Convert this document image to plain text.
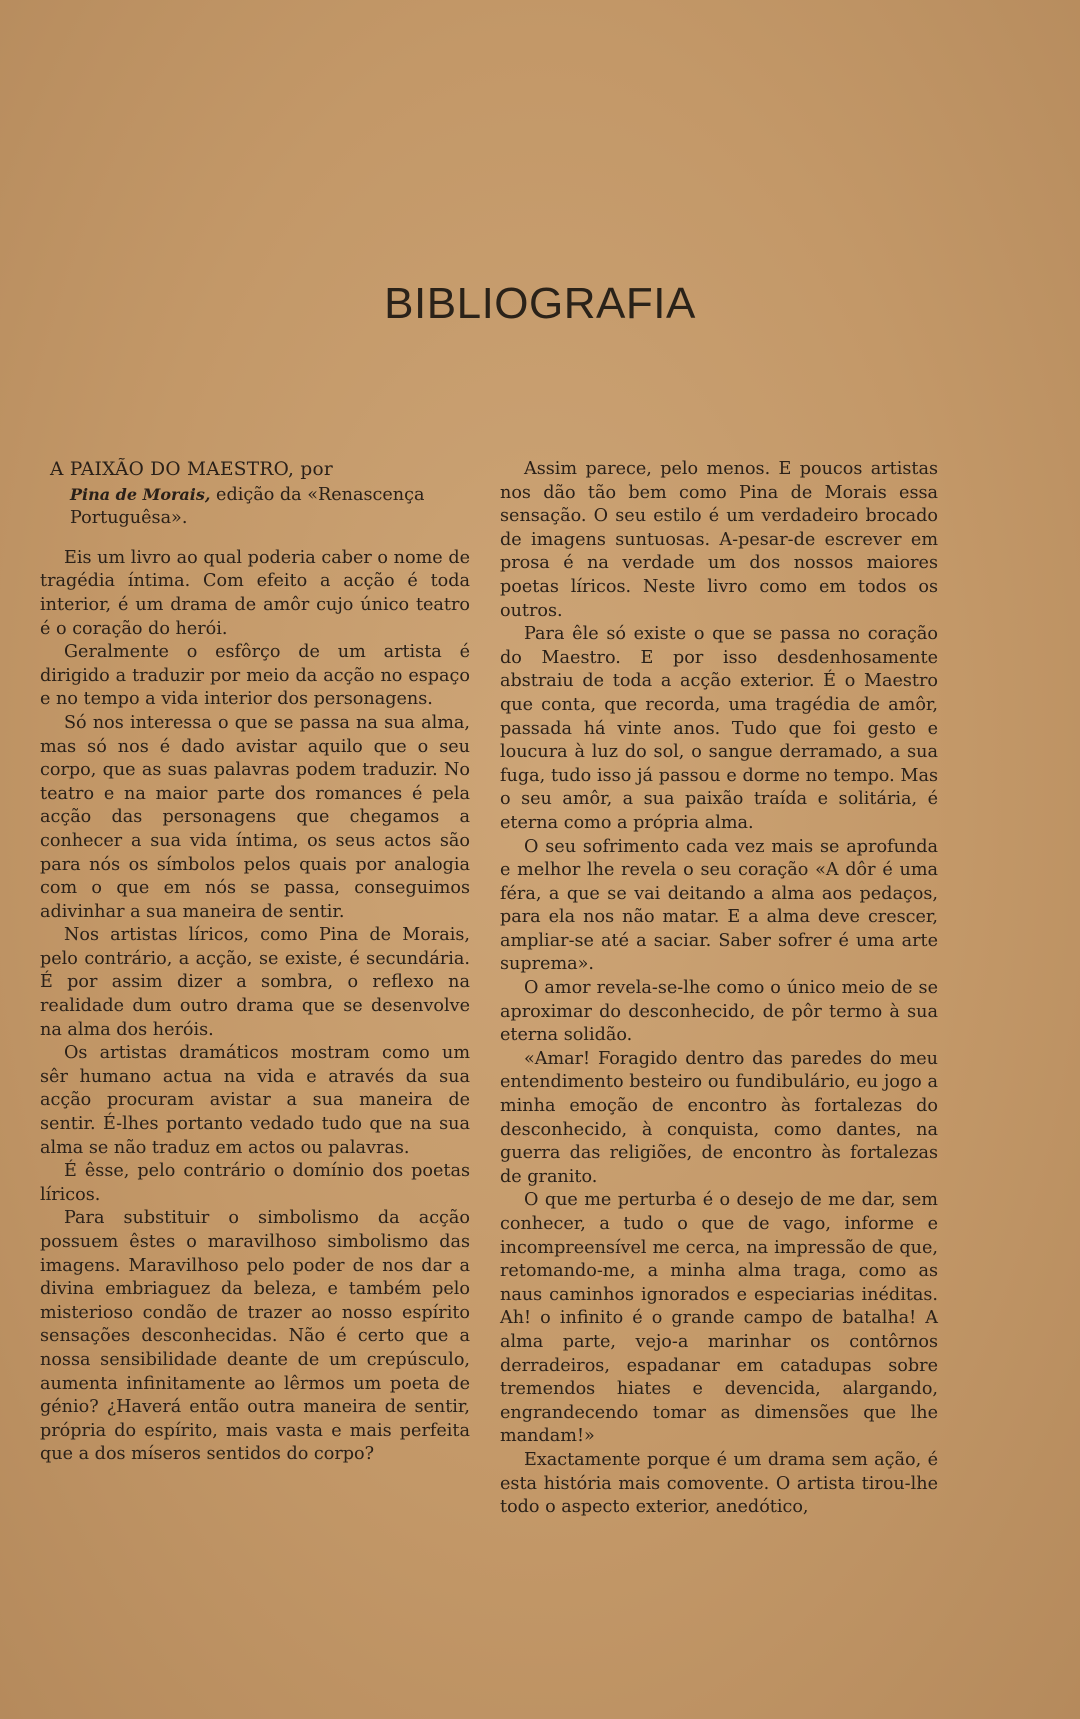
BIBLIOGRAFIA

A PAIXÃO DO MAESTRO, por
Pina de Morais, edição da «Renascença Portuguêsa».

Eis um livro ao qual poderia caber o nome de tragédia íntima. Com efeito a acção é toda interior, é um drama de amôr cujo único teatro é o coração do herói.

Geralmente o esfôrço de um artista é dirigido a traduzir por meio da acção no espaço e no tempo a vida interior dos personagens.

Só nos interessa o que se passa na sua alma, mas só nos é dado avistar aquilo que o seu corpo, que as suas palavras podem traduzir. No teatro e na maior parte dos romances é pela acção das personagens que chegamos a conhecer a sua vida íntima, os seus actos são para nós os símbolos pelos quais por analogia com o que em nós se passa, conseguimos adivinhar a sua maneira de sentir.

Nos artistas líricos, como Pina de Morais, pelo contrário, a acção, se existe, é secundária. É por assim dizer a sombra, o reflexo na realidade dum outro drama que se desenvolve na alma dos heróis.

Os artistas dramáticos mostram como um sêr humano actua na vida e através da sua acção procuram avistar a sua maneira de sentir. É-lhes portanto vedado tudo que na sua alma se não traduz em actos ou palavras.

É êsse, pelo contrário o domínio dos poetas líricos.

Para substituir o simbolismo da acção possuem êstes o maravilhoso simbolismo das imagens. Maravilhoso pelo poder de nos dar a divina embriaguez da beleza, e também pelo misterioso condão de trazer ao nosso espírito sensações desconhecidas. Não é certo que a nossa sensibilidade deante de um crepúsculo, aumenta infinitamente ao lêrmos um poeta de génio? ¿Haverá então outra maneira de sentir, própria do espírito, mais vasta e mais perfeita que a dos míseros sentidos do corpo?

Assim parece, pelo menos. E poucos artistas nos dão tão bem como Pina de Morais essa sensação. O seu estilo é um verdadeiro brocado de imagens suntuosas. A-pesar-de escrever em prosa é na verdade um dos nossos maiores poetas líricos. Neste livro como em todos os outros.

Para êle só existe o que se passa no coração do Maestro. E por isso desdenhosamente abstraiu de toda a acção exterior. É o Maestro que conta, que recorda, uma tragédia de amôr, passada há vinte anos. Tudo que foi gesto e loucura à luz do sol, o sangue derramado, a sua fuga, tudo isso já passou e dorme no tempo. Mas o seu amôr, a sua paixão traída e solitária, é eterna como a própria alma.

O seu sofrimento cada vez mais se aprofunda e melhor lhe revela o seu coração «A dôr é uma féra, a que se vai deitando a alma aos pedaços, para ela nos não matar. E a alma deve crescer, ampliar-se até a saciar. Saber sofrer é uma arte suprema».

O amor revela-se-lhe como o único meio de se aproximar do desconhecido, de pôr termo à sua eterna solidão.

«Amar! Foragido dentro das paredes do meu entendimento besteiro ou fundibulário, eu jogo a minha emoção de encontro às fortalezas do desconhecido, à conquista, como dantes, na guerra das religiões, de encontro às fortalezas de granito.

O que me perturba é o desejo de me dar, sem conhecer, a tudo o que de vago, informe e incompreensível me cerca, na impressão de que, retomando-me, a minha alma traga, como as naus caminhos ignorados e especiarias inéditas. Ah! o infinito é o grande campo de batalha! A alma parte, vejo-a marinhar os contôrnos derradeiros, espadanar em catadupas sobre tremendos hiates e devencida, alargando, engrandecendo tomar as dimensões que lhe mandam!»

Exactamente porque é um drama sem ação, é esta história mais comovente. O artista tirou-lhe todo o aspecto exterior, anedótico,
